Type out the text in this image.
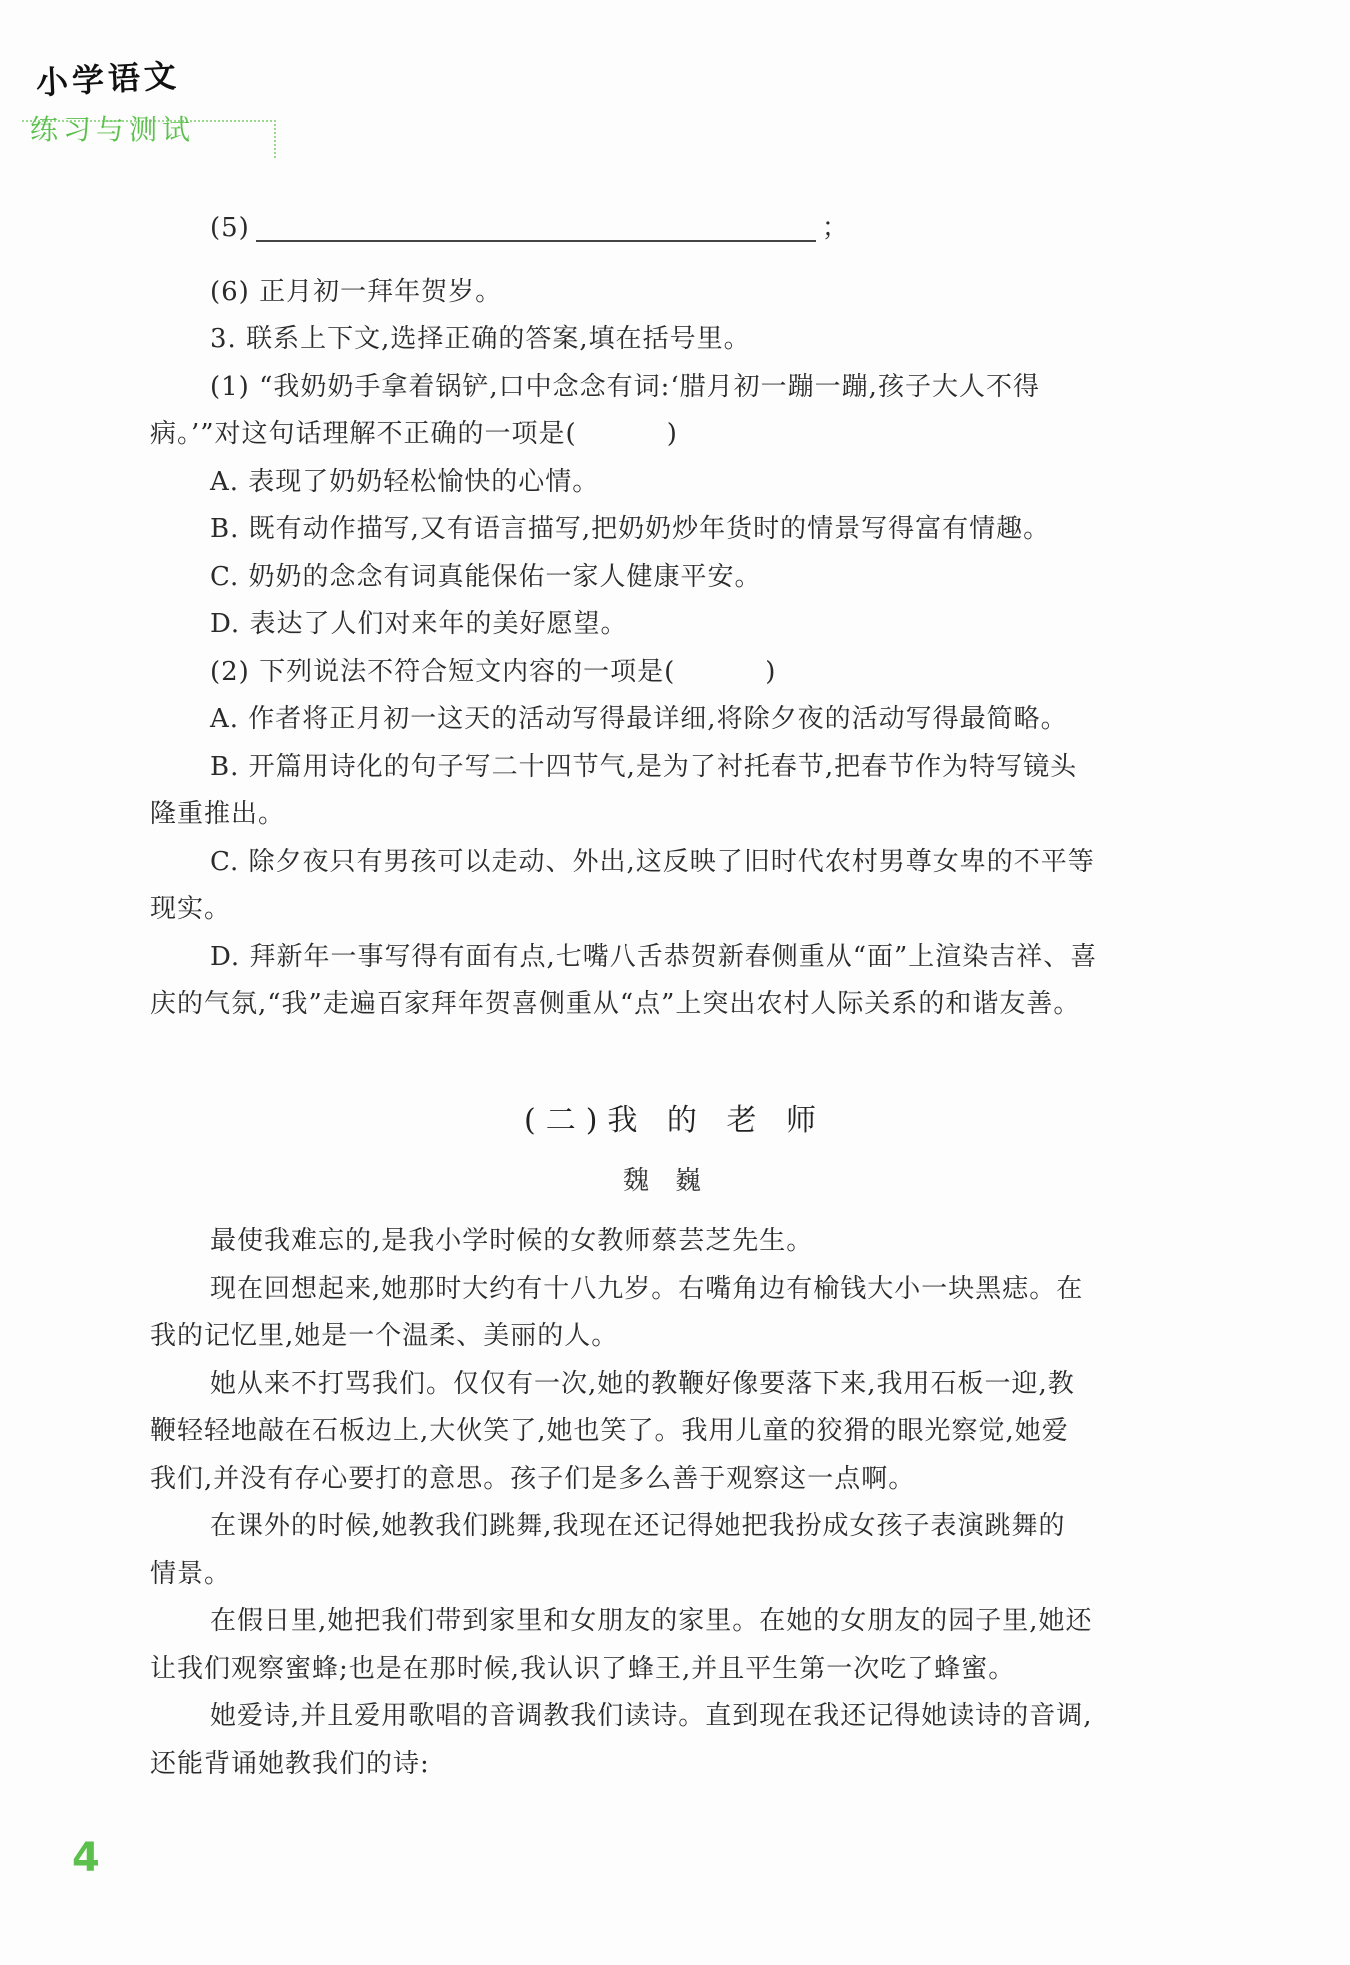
小学语文
练习与测试
(5)	；
(6) 正月初一拜年贺岁。
3. 联系上下文,选择正确的答案,填在括号里。
(1) “我奶奶手拿着锅铲,口中念念有词:‘腊月初一蹦一蹦,孩子大人不得
病。’”对这句话理解不正确的一项是(	)
A. 表现了奶奶轻松愉快的心情。
B. 既有动作描写,又有语言描写,把奶奶炒年货时的情景写得富有情趣。
C. 奶奶的念念有词真能保佑一家人健康平安。
D. 表达了人们对来年的美好愿望。
(2) 下列说法不符合短文内容的一项是(	)
A. 作者将正月初一这天的活动写得最详细,将除夕夜的活动写得最简略。
B. 开篇用诗化的句子写二十四节气,是为了衬托春节,把春节作为特写镜头
隆重推出。
C. 除夕夜只有男孩可以走动、外出,这反映了旧时代农村男尊女卑的不平等
现实。
D. 拜新年一事写得有面有点,七嘴八舌恭贺新春侧重从“面”上渲染吉祥、喜
庆的气氛,“我”走遍百家拜年贺喜侧重从“点”上突出农村人际关系的和谐友善。
(二)我 的 老 师
魏巍
最使我难忘的,是我小学时候的女教师蔡芸芝先生。
现在回想起来,她那时大约有十八九岁。右嘴角边有榆钱大小一块黑痣。在
我的记忆里,她是一个温柔、美丽的人。
她从来不打骂我们。仅仅有一次,她的教鞭好像要落下来,我用石板一迎,教
鞭轻轻地敲在石板边上,大伙笑了,她也笑了。我用儿童的狡猾的眼光察觉,她爱
我们,并没有存心要打的意思。孩子们是多么善于观察这一点啊。
在课外的时候,她教我们跳舞,我现在还记得她把我扮成女孩子表演跳舞的
情景。
在假日里,她把我们带到家里和女朋友的家里。在她的女朋友的园子里,她还
让我们观察蜜蜂;也是在那时候,我认识了蜂王,并且平生第一次吃了蜂蜜。
她爱诗,并且爱用歌唱的音调教我们读诗。直到现在我还记得她读诗的音调,
还能背诵她教我们的诗:
4
